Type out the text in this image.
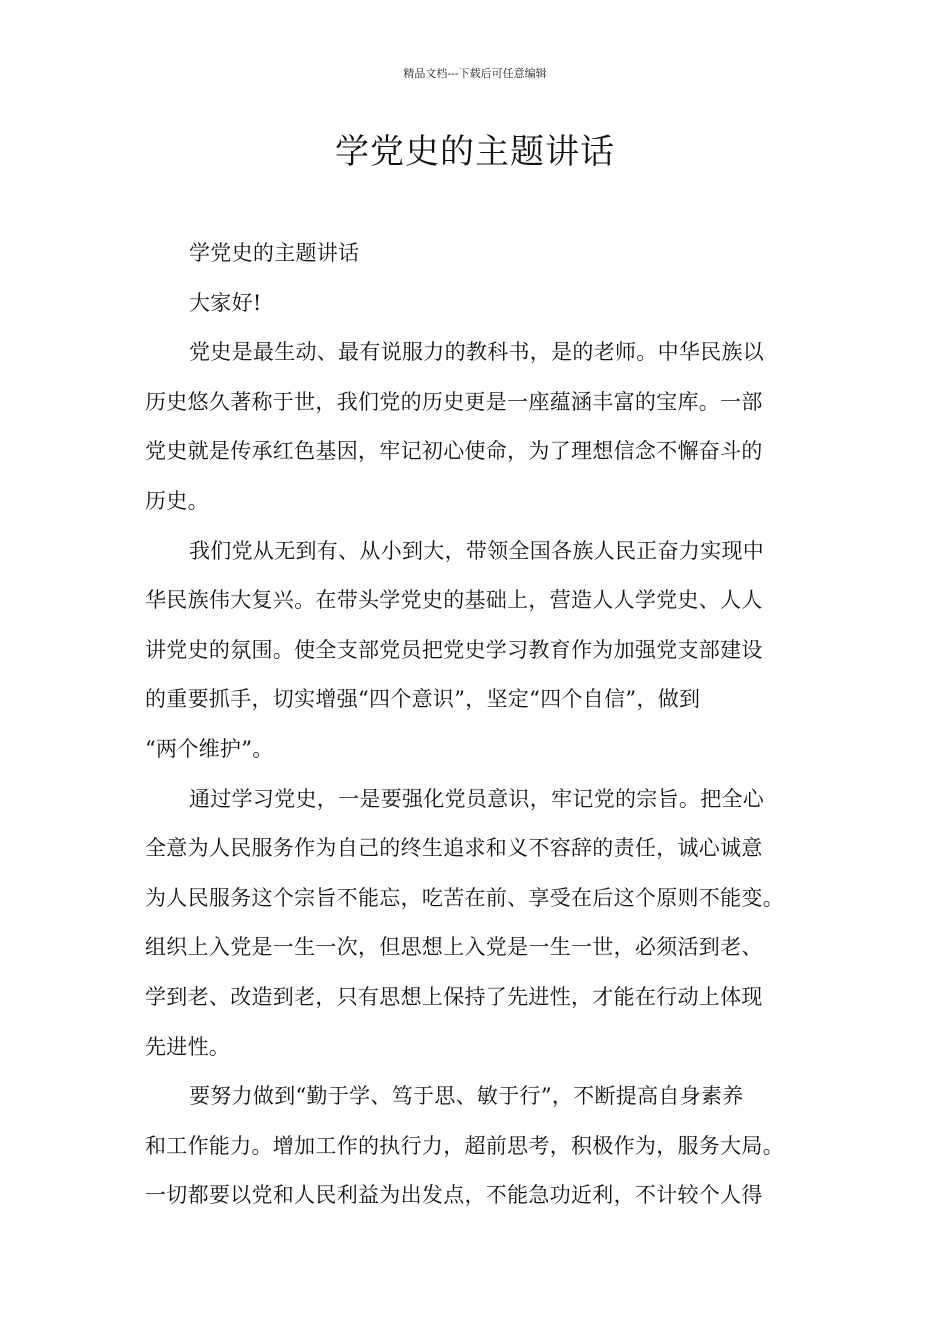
精品文档---下载后可任意编辑
学党史的主题讲话

学党史的主题讲话

大家好!

党史是最生动、最有说服力的教科书，是的老师。中华民族以
历史悠久著称于世，我们党的历史更是一座蕴涵丰富的宝库。一部
党史就是传承红色基因，牢记初心使命，为了理想信念不懈奋斗的
历史。

我们党从无到有、从小到大，带领全国各族人民正奋力实现中
华民族伟大复兴。在带头学党史的基础上，营造人人学党史、人人
讲党史的氛围。使全支部党员把党史学习教育作为加强党支部建设
的重要抓手，切实增强“四个意识”，坚定“四个自信”，做到
“两个维护”。

通过学习党史，一是要强化党员意识，牢记党的宗旨。把全心
全意为人民服务作为自己的终生追求和义不容辞的责任，诚心诚意
为人民服务这个宗旨不能忘，吃苦在前、享受在后这个原则不能变。
组织上入党是一生一次，但思想上入党是一生一世，必须活到老、
学到老、改造到老，只有思想上保持了先进性，才能在行动上体现
先进性。

要努力做到“勤于学、笃于思、敏于行”，不断提高自身素养
和工作能力。增加工作的执行力，超前思考，积极作为，服务大局。
一切都要以党和人民利益为出发点，不能急功近利，不计较个人得
